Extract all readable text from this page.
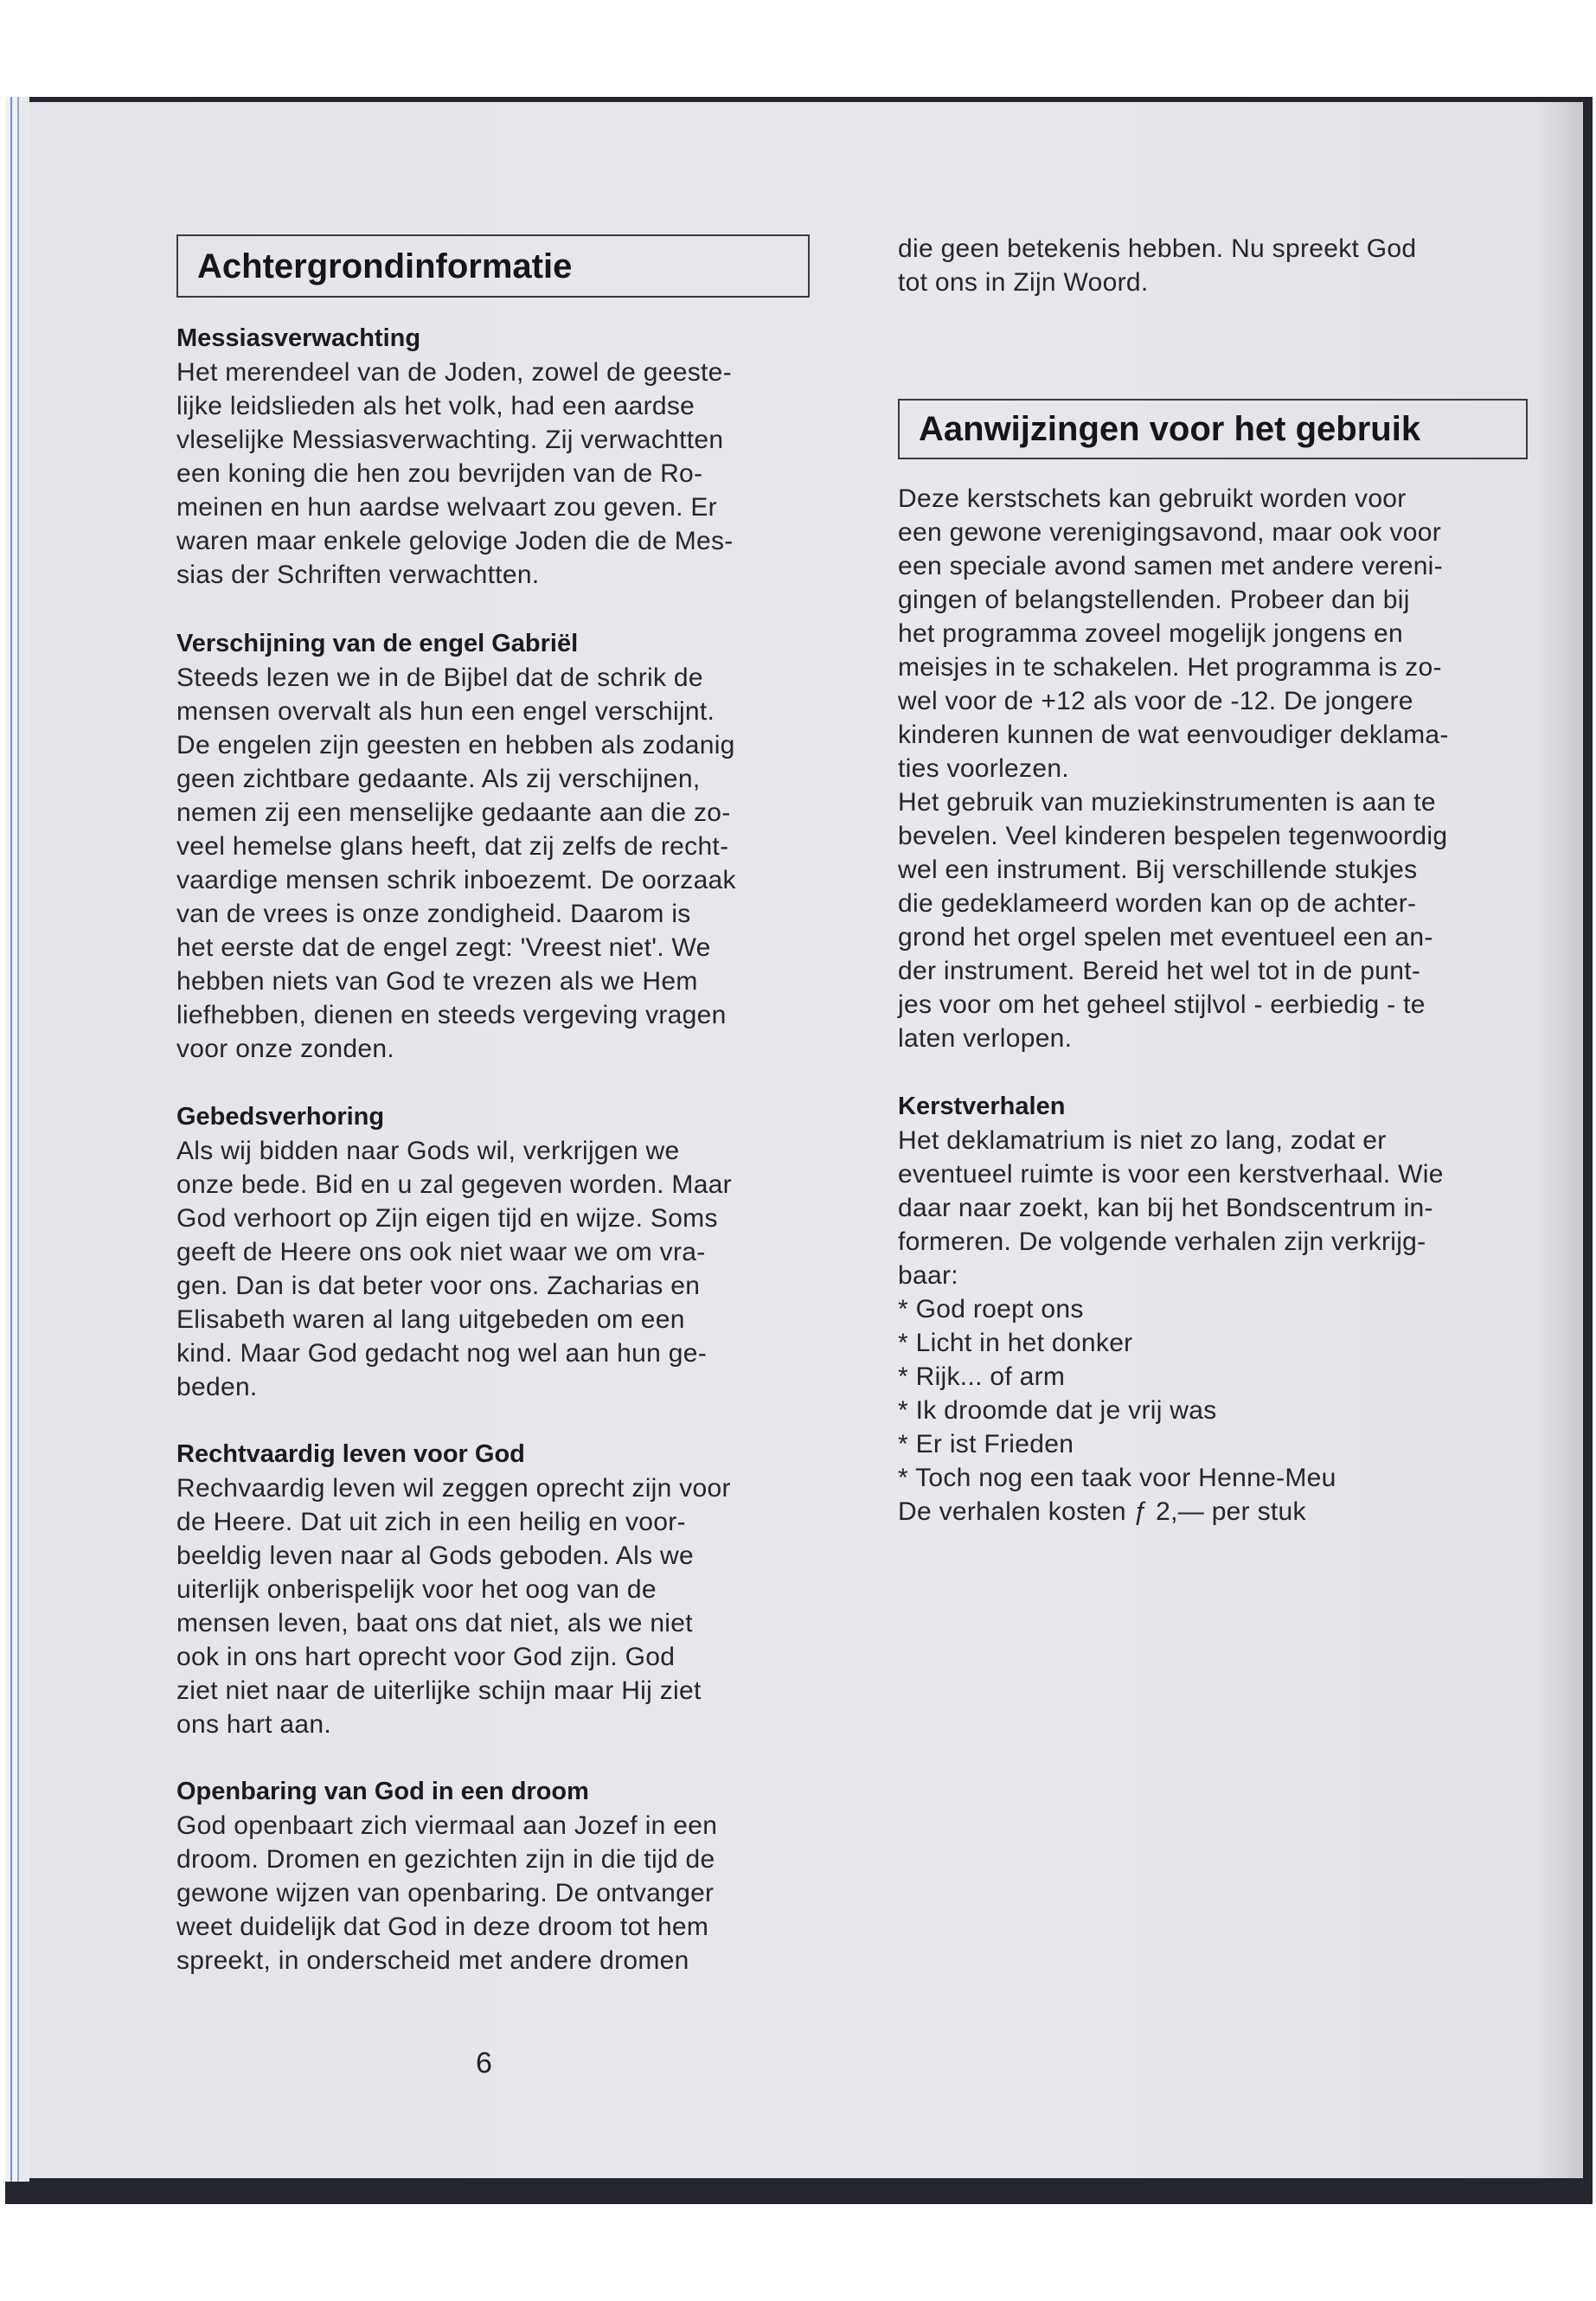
Achtergrondinformatie
Aanwijzingen voor het gebruik
Messiasverwachting
Het merendeel van de Joden, zowel de geeste-
lijke leidslieden als het volk, had een aardse
vleselijke Messiasverwachting. Zij verwachtten
een koning die hen zou bevrijden van de Ro-
meinen en hun aardse welvaart zou geven. Er
waren maar enkele gelovige Joden die de Mes-
sias der Schriften verwachtten.
Verschijning van de engel Gabriël
Steeds lezen we in de Bijbel dat de schrik de
mensen overvalt als hun een engel verschijnt.
De engelen zijn geesten en hebben als zodanig
geen zichtbare gedaante. Als zij verschijnen,
nemen zij een menselijke gedaante aan die zo-
veel hemelse glans heeft, dat zij zelfs de recht-
vaardige mensen schrik inboezemt. De oorzaak
van de vrees is onze zondigheid. Daarom is
het eerste dat de engel zegt: 'Vreest niet'. We
hebben niets van God te vrezen als we Hem
liefhebben, dienen en steeds vergeving vragen
voor onze zonden.
Gebedsverhoring
Als wij bidden naar Gods wil, verkrijgen we
onze bede. Bid en u zal gegeven worden. Maar
God verhoort op Zijn eigen tijd en wijze. Soms
geeft de Heere ons ook niet waar we om vra-
gen. Dan is dat beter voor ons. Zacharias en
Elisabeth waren al lang uitgebeden om een
kind. Maar God gedacht nog wel aan hun ge-
beden.
Rechtvaardig leven voor God
Rechvaardig leven wil zeggen oprecht zijn voor
de Heere. Dat uit zich in een heilig en voor-
beeldig leven naar al Gods geboden. Als we
uiterlijk onberispelijk voor het oog van de
mensen leven, baat ons dat niet, als we niet
ook in ons hart oprecht voor God zijn. God
ziet niet naar de uiterlijke schijn maar Hij ziet
ons hart aan.
Openbaring van God in een droom
God openbaart zich viermaal aan Jozef in een
droom. Dromen en gezichten zijn in die tijd de
gewone wijzen van openbaring. De ontvanger
weet duidelijk dat God in deze droom tot hem
spreekt, in onderscheid met andere dromen
die geen betekenis hebben. Nu spreekt God
tot ons in Zijn Woord.
Deze kerstschets kan gebruikt worden voor
een gewone verenigingsavond, maar ook voor
een speciale avond samen met andere vereni-
gingen of belangstellenden. Probeer dan bij
het programma zoveel mogelijk jongens en
meisjes in te schakelen. Het programma is zo-
wel voor de +12 als voor de -12. De jongere
kinderen kunnen de wat eenvoudiger deklama-
ties voorlezen.
Het gebruik van muziekinstrumenten is aan te
bevelen. Veel kinderen bespelen tegenwoordig
wel een instrument. Bij verschillende stukjes
die gedeklameerd worden kan op de achter-
grond het orgel spelen met eventueel een an-
der instrument. Bereid het wel tot in de punt-
jes voor om het geheel stijlvol - eerbiedig - te
laten verlopen.
Kerstverhalen
Het deklamatrium is niet zo lang, zodat er
eventueel ruimte is voor een kerstverhaal. Wie
daar naar zoekt, kan bij het Bondscentrum in-
formeren. De volgende verhalen zijn verkrijg-
baar:
* God roept ons
* Licht in het donker
* Rijk... of arm
* Ik droomde dat je vrij was
* Er ist Frieden
* Toch nog een taak voor Henne-Meu
De verhalen kosten ƒ 2,— per stuk
6
